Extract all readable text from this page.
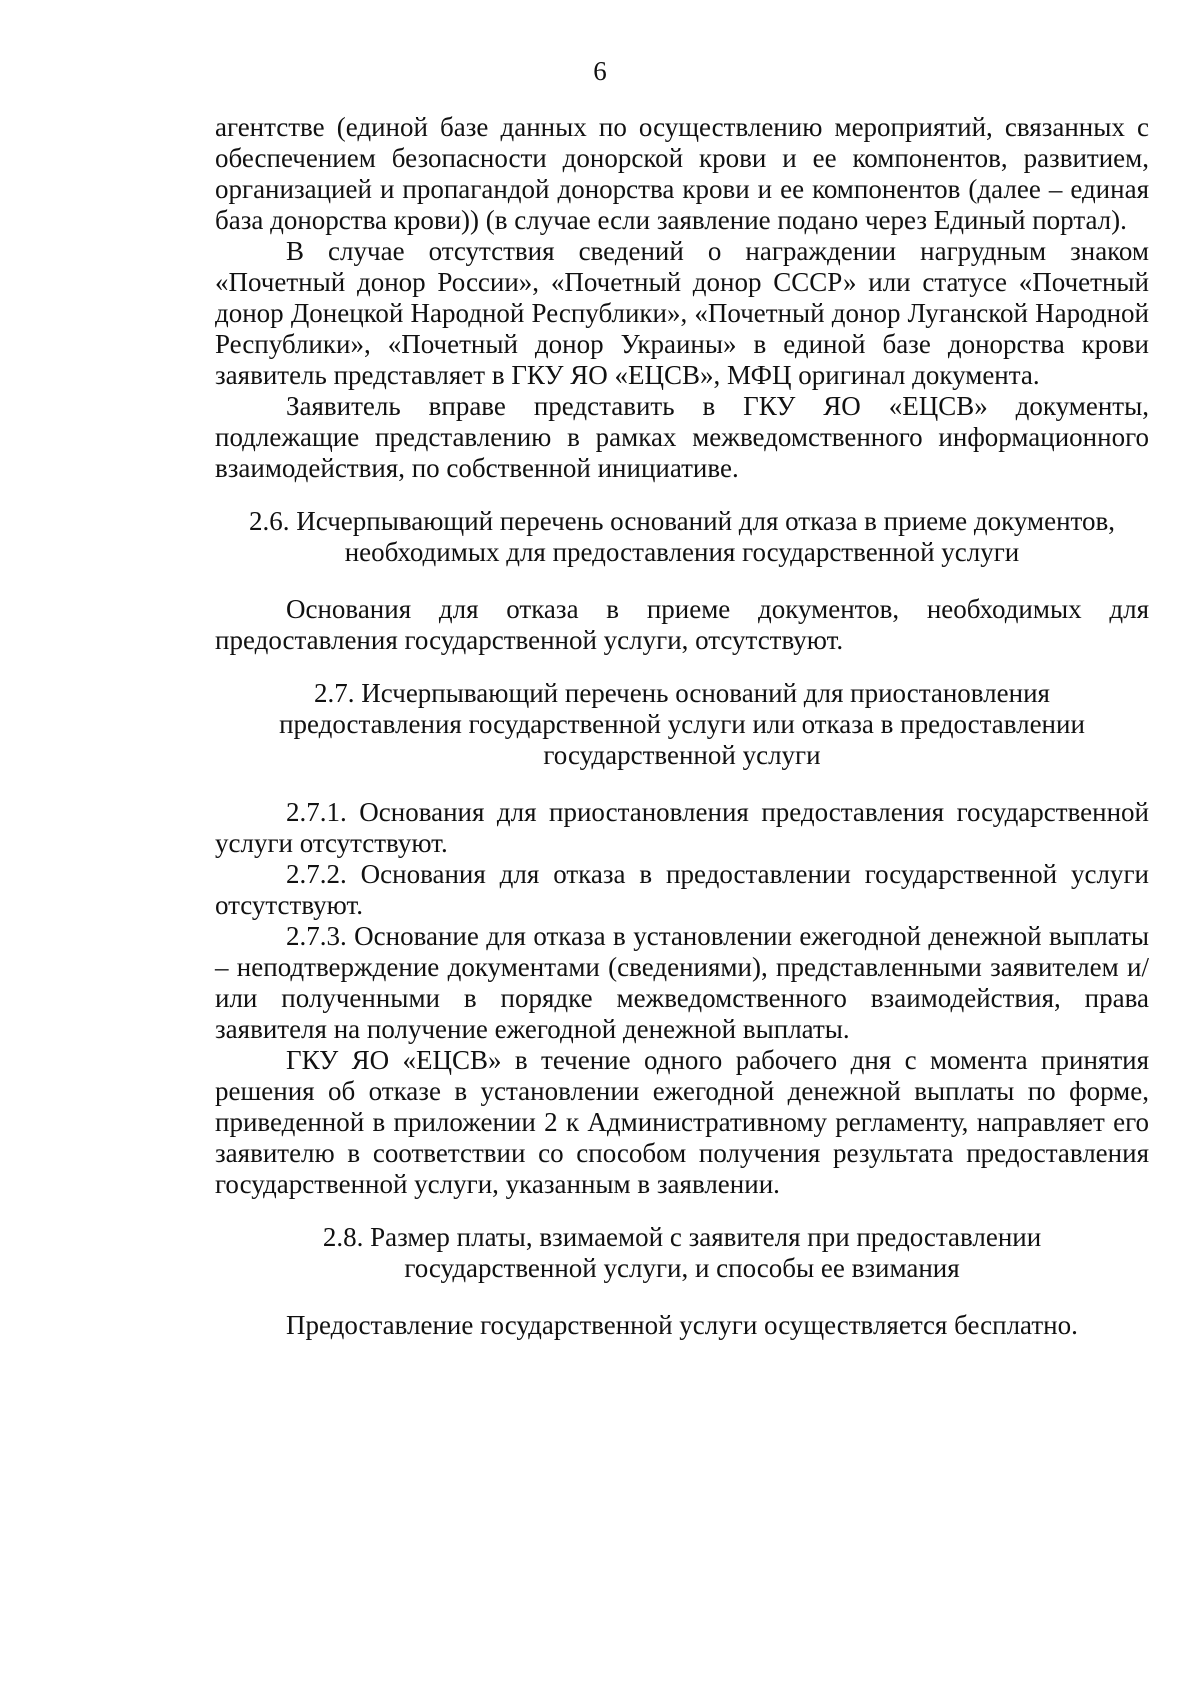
6

агентстве (единой базе данных по осуществлению мероприятий, связанных с обеспечением безопасности донорской крови и ее компонентов, развитием, организацией и пропагандой донорства крови и ее компонентов (далее – единая база донорства крови)) (в случае если заявление подано через Единый портал).

В случае отсутствия сведений о награждении нагрудным знаком «Почетный донор России», «Почетный донор СССР» или статусе «Почетный донор Донецкой Народной Республики», «Почетный донор Луганской Народной Республики», «Почетный донор Украины» в единой базе донорства крови заявитель представляет в ГКУ ЯО «ЕЦСВ», МФЦ оригинал документа.

Заявитель вправе представить в ГКУ ЯО «ЕЦСВ» документы, подлежащие представлению в рамках межведомственного информационного взаимодействия, по собственной инициативе.

2.6. Исчерпывающий перечень оснований для отказа в приеме документов,
необходимых для предоставления государственной услуги

Основания для отказа в приеме документов, необходимых для предоставления государственной услуги, отсутствуют.

2.7. Исчерпывающий перечень оснований для приостановления
предоставления государственной услуги или отказа в предоставлении
государственной услуги

2.7.1. Основания для приостановления предоставления государственной услуги отсутствуют.

2.7.2. Основания для отказа в предоставлении государственной услуги отсутствуют.

2.7.3. Основание для отказа в установлении ежегодной денежной выплаты – неподтверждение документами (сведениями), представленными заявителем и/или полученными в порядке межведомственного взаимодействия, права заявителя на получение ежегодной денежной выплаты.

ГКУ ЯО «ЕЦСВ» в течение одного рабочего дня с момента принятия решения об отказе в установлении ежегодной денежной выплаты по форме, приведенной в приложении 2 к Административному регламенту, направляет его заявителю в соответствии со способом получения результата предоставления государственной услуги, указанным в заявлении.

2.8. Размер платы, взимаемой с заявителя при предоставлении
государственной услуги, и способы ее взимания

Предоставление государственной услуги осуществляется бесплатно.
